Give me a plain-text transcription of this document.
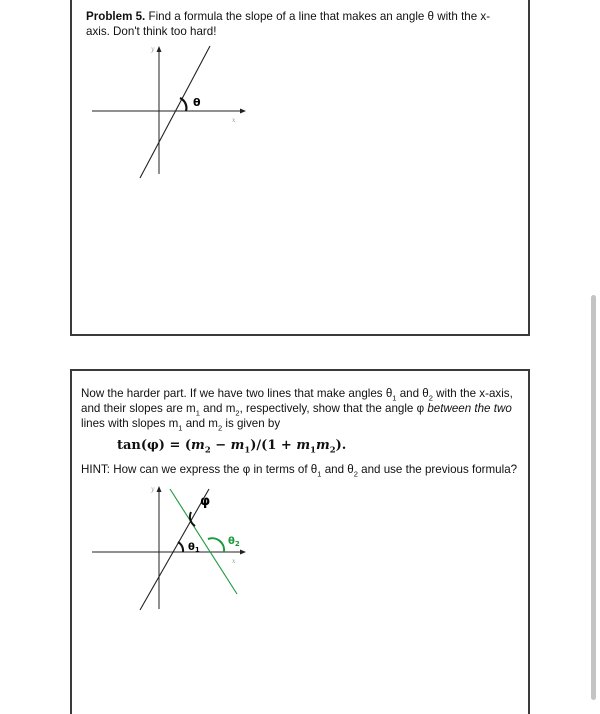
Problem 5. Find a formula the slope of a line that makes an angle θ with the x-axis. Don't think too hard!
y
x
θ
Now the harder part. If we have two lines that make angles $\theta_1$ and $\theta_2$ with the x-axis, and their slopes are $m_1$ and $m_2$, respectively, show that the angle φ between the two lines with slopes $m_1$ and $m_2$ is given by
$\tan(\varphi) = (m_2 - m_1)/(1 + m_1m_2)$.
HINT: How can we express the φ in terms of $\theta_1$ and $\theta_2$ and use the previous formula?
y
x
$\theta_1$
$\theta_2$
φ
